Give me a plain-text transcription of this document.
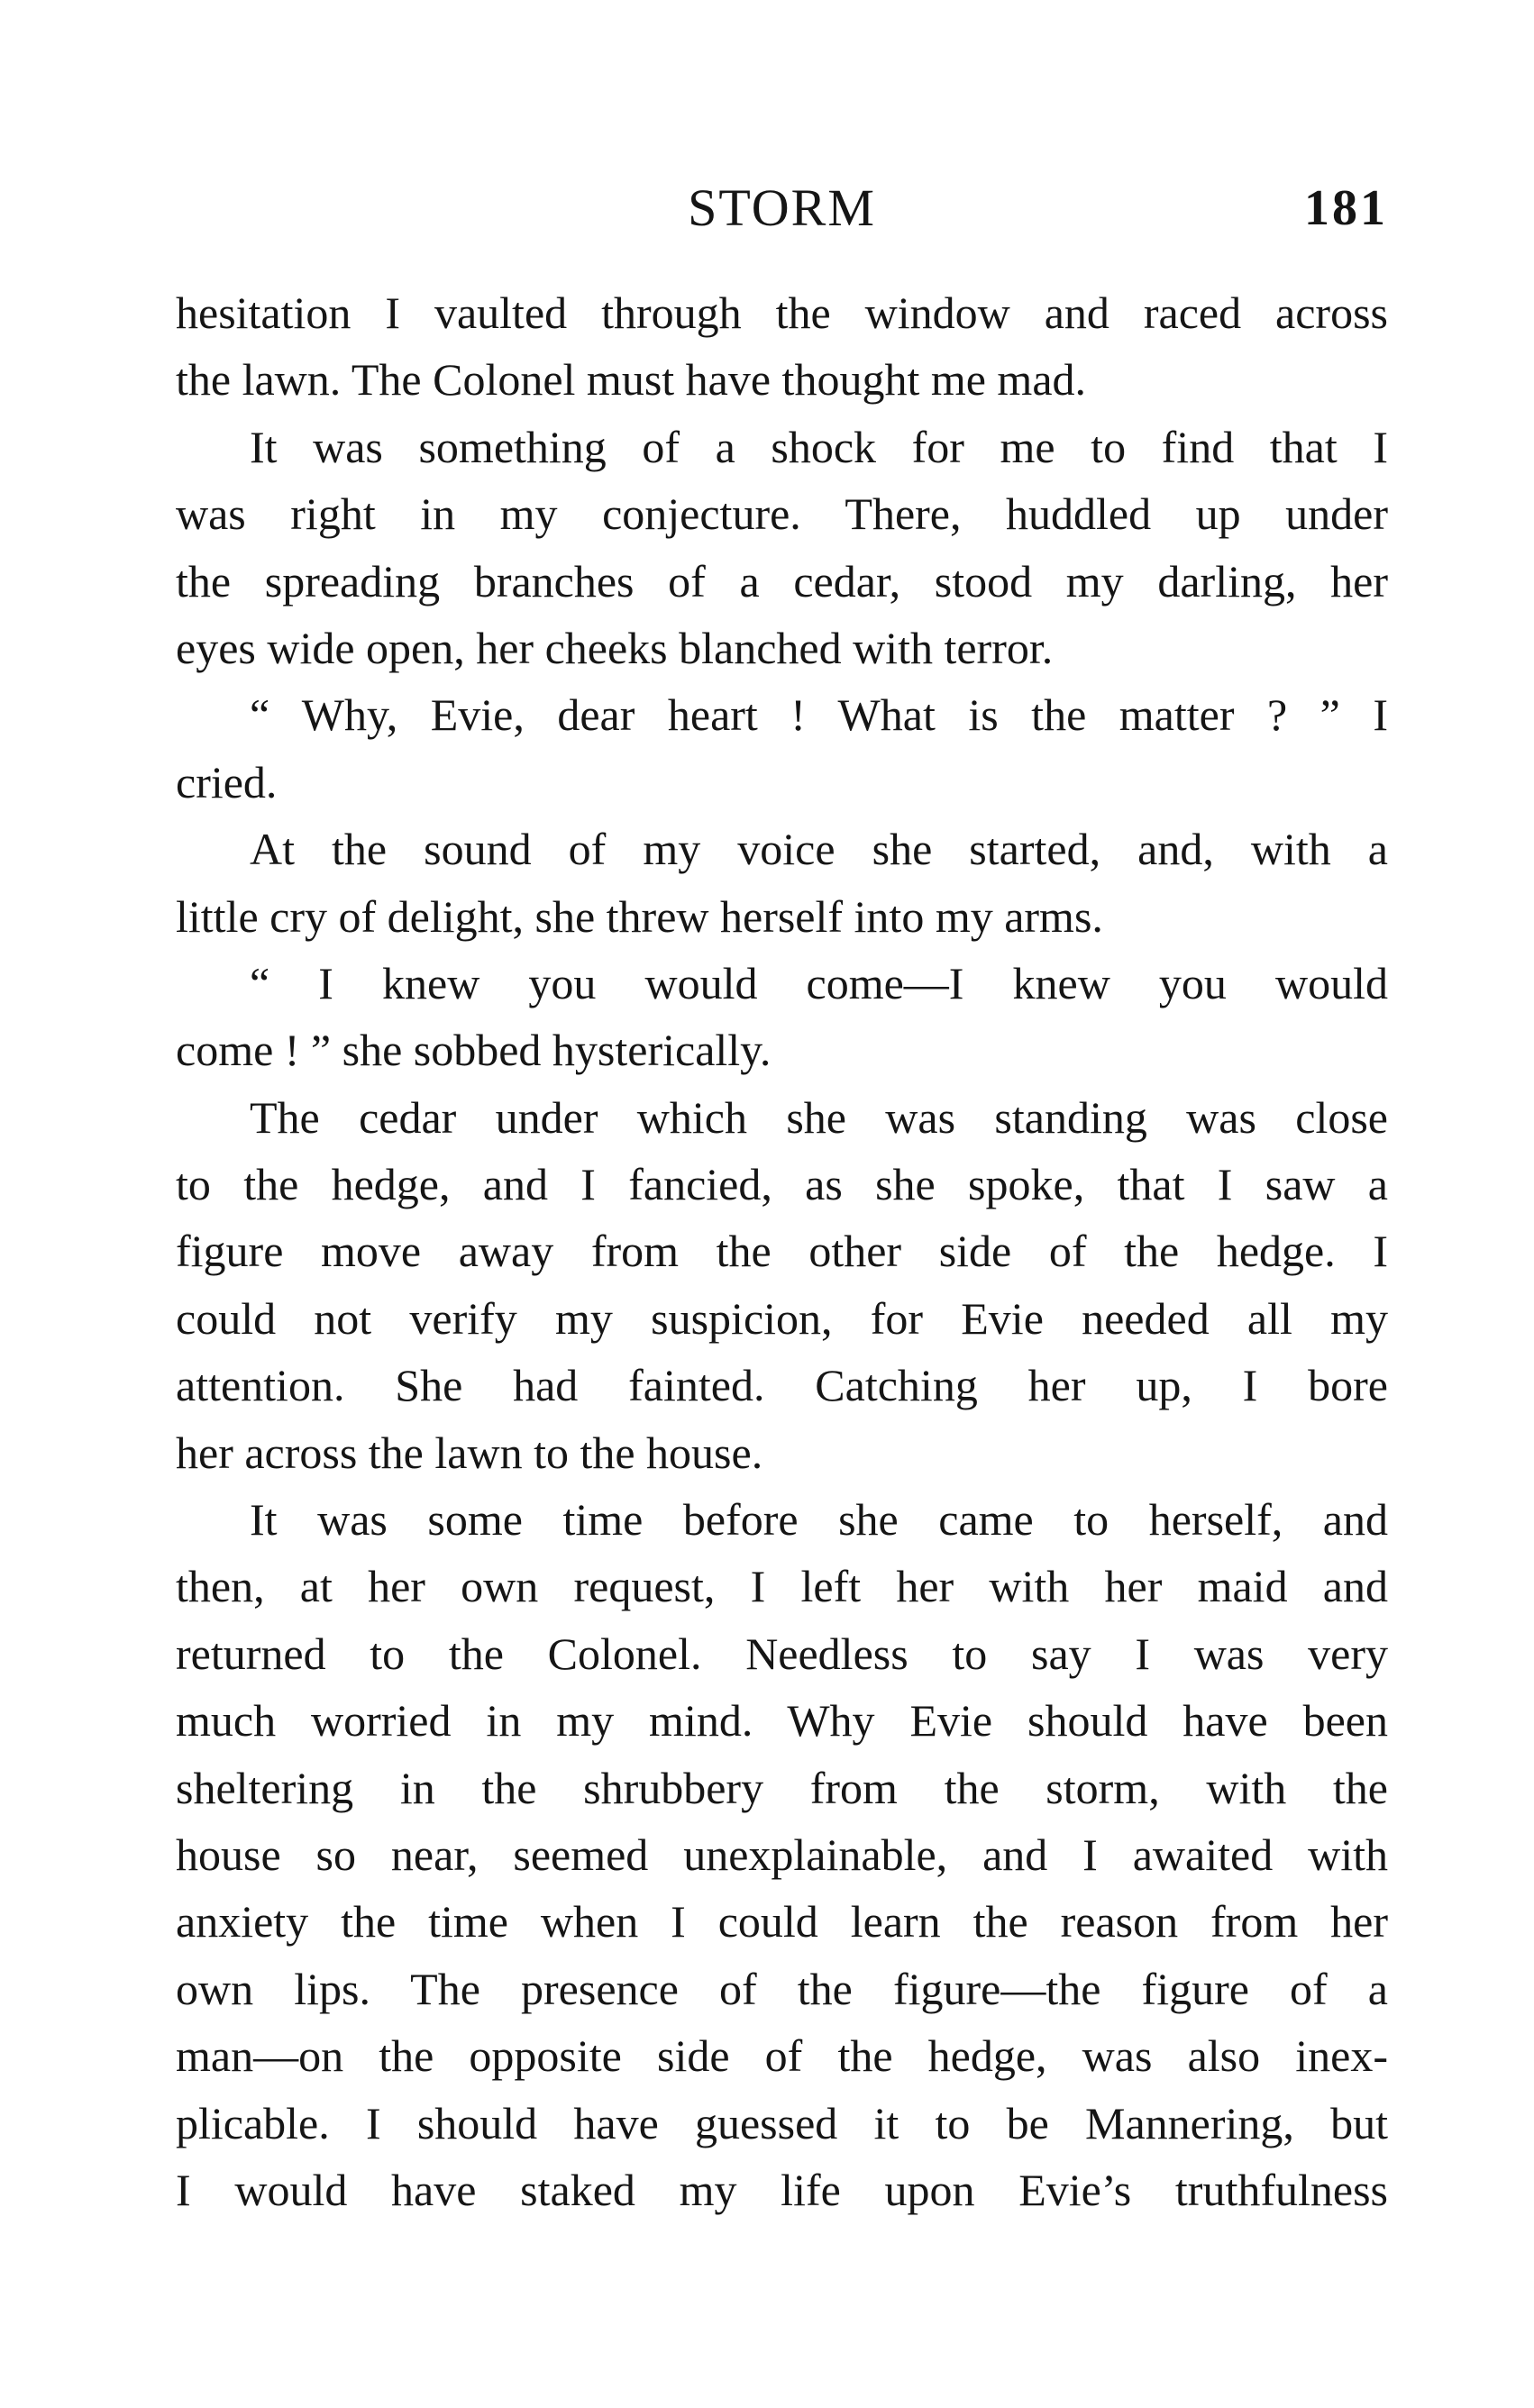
STORM	181
hesitation I vaulted through the window and raced across
the lawn. The Colonel must have thought me mad.
It was something of a shock for me to find that I
was right in my conjecture. There, huddled up under
the spreading branches of a cedar, stood my darling, her
eyes wide open, her cheeks blanched with terror.
“ Why, Evie, dear heart ! What is the matter ? ” I
cried.
At the sound of my voice she started, and, with a
little cry of delight, she threw herself into my arms.
“ I knew you would come—I knew you would
come ! ” she sobbed hysterically.
The cedar under which she was standing was close
to the hedge, and I fancied, as she spoke, that I saw a
figure move away from the other side of the hedge. I
could not verify my suspicion, for Evie needed all my
attention. She had fainted. Catching her up, I bore
her across the lawn to the house.
It was some time before she came to herself, and
then, at her own request, I left her with her maid and
returned to the Colonel. Needless to say I was very
much worried in my mind. Why Evie should have been
sheltering in the shrubbery from the storm, with the
house so near, seemed unexplainable, and I awaited with
anxiety the time when I could learn the reason from her
own lips. The presence of the figure—the figure of a
man—on the opposite side of the hedge, was also inex-
plicable. I should have guessed it to be Mannering, but
I would have staked my life upon Evie’s truthfulness
